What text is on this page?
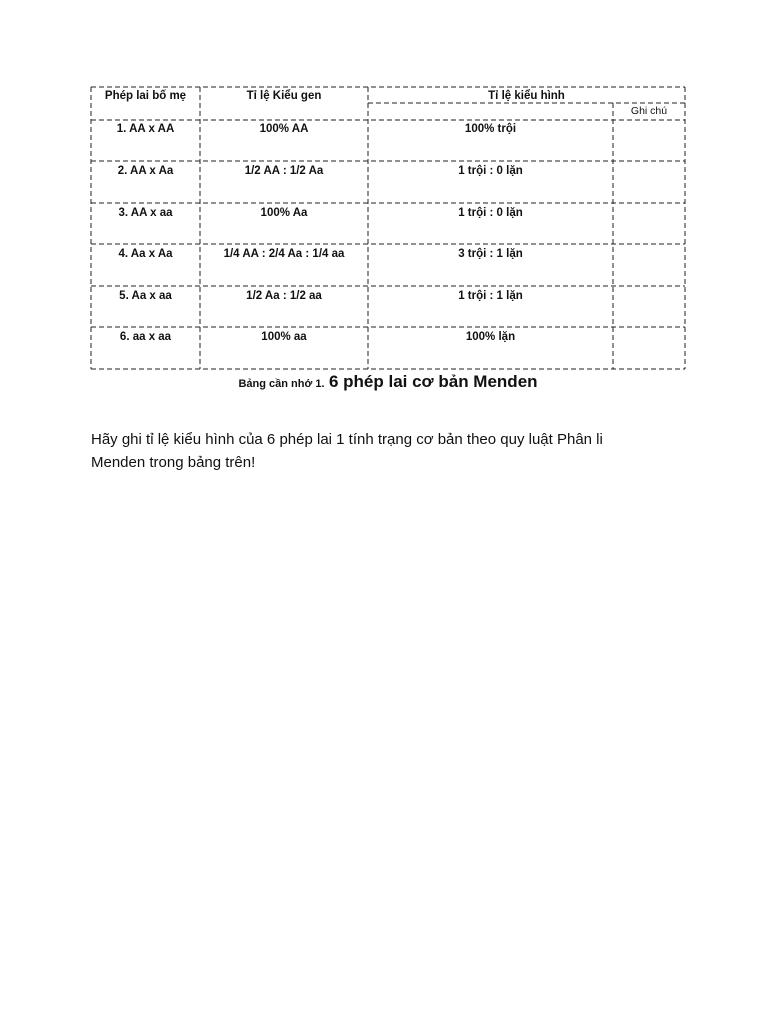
Phép lai bố mẹ	Tỉ lệ Kiểu gen	Tỉ lệ kiểu hình
Ghi chú
1. AA x AA	100% AA	100% trội
2. AA x Aa	1/2 AA : 1/2 Aa	1 trội : 0 lặn
3. AA x aa	100% Aa	1 trội : 0 lặn
4. Aa x Aa	1/4 AA : 2/4 Aa : 1/4 aa	3 trội : 1 lặn
5. Aa x aa	1/2 Aa : 1/2 aa	1 trội : 1 lặn
6. aa x aa	100% aa	100% lặn
Bảng cần nhớ 1. 6 phép lai cơ bản Menden
Hãy ghi tỉ lệ kiểu hình của 6 phép lai 1 tính trạng cơ bản theo quy luật Phân li
Menden trong bảng trên!
